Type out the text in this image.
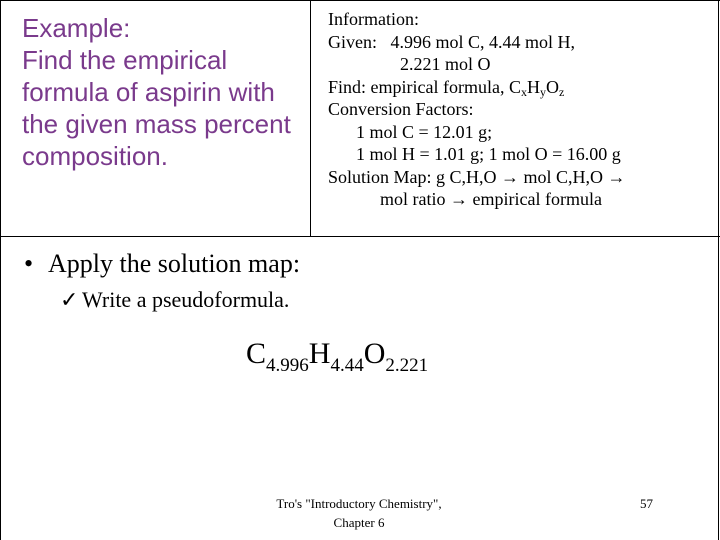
Example:
Find the empirical
formula of aspirin with
the given mass percent
composition.
Information:
Given: 4.996 mol C, 4.44 mol H,
2.221 mol O
Find: empirical formula, $C_xH_yO_z$
Conversion Factors:
1 mol C = 12.01 g;
1 mol H = 1.01 g; 1 mol O = 16.00 g
Solution Map: g C,H,O → mol C,H,O →
mol ratio → empirical formula
• Apply the solution map:
✓ Write a pseudoformula.
$C_{4.996}H_{4.44}O_{2.221}$
Tro's "Introductory Chemistry",
Chapter 6
57
